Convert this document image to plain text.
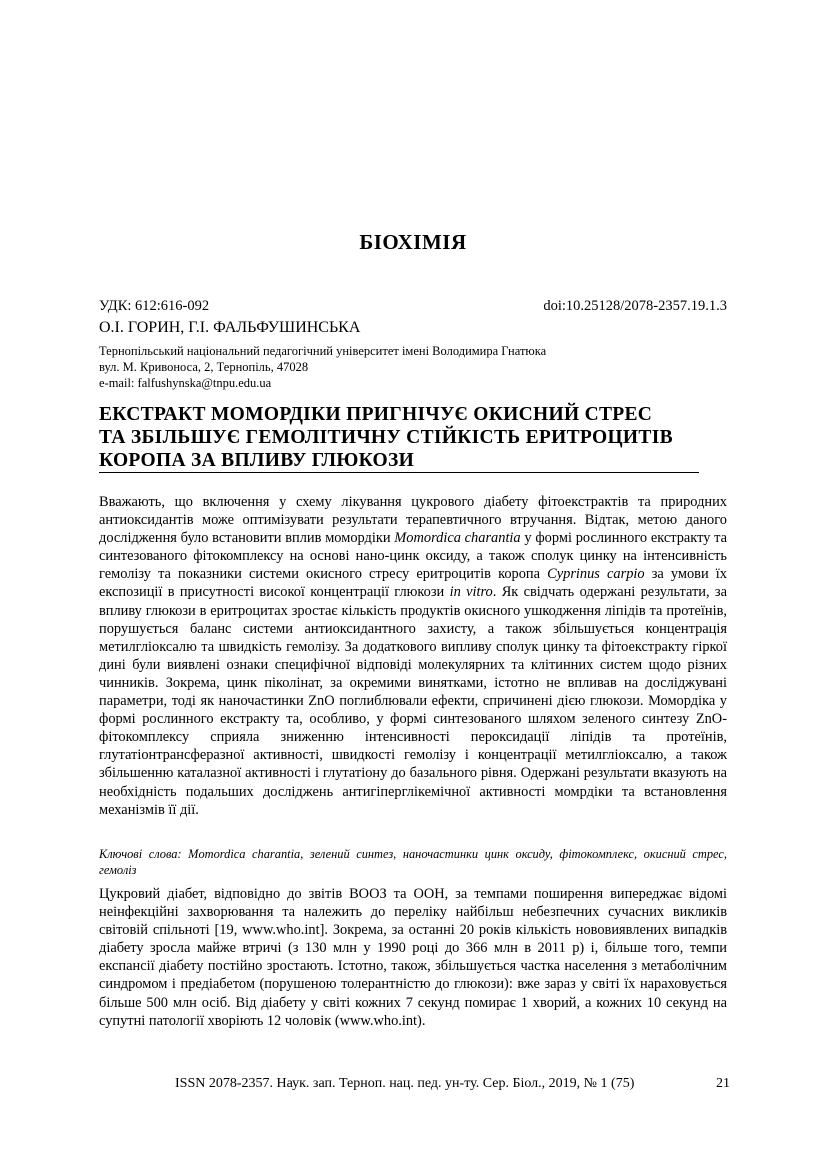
БІОХІМІЯ
УДК: 612:616-092	doi:10.25128/2078-2357.19.1.3
О.І. ГОРИН, Г.І. ФАЛЬФУШИНСЬКА
Тернопільський національний педагогічний університет імені Володимира Гнатюка
вул. М. Кривоноса, 2, Тернопіль, 47028
e-mail: falfushynska@tnpu.edu.ua
ЕКСТРАКТ МОМОРДІКИ ПРИГНІЧУЄ ОКИСНИЙ СТРЕС
ТА ЗБІЛЬШУЄ ГЕМОЛІТИЧНУ СТІЙКІСТЬ ЕРИТРОЦИТІВ
КОРОПА ЗА ВПЛИВУ ГЛЮКОЗИ

Вважають, що включення у схему лікування цукрового діабету фітоекстрактів та природних антиоксидантів може оптимізувати результати терапевтичного втручання. Відтак, метою даного дослідження було встановити вплив момордіки Momordica charantia у формі рослинного екстракту та синтезованого фітокомплексу на основі нано-цинк оксиду, а також сполук цинку на інтенсивність гемолізу та показники системи окисного стресу еритроцитів коропа Cyprinus carpio за умови їх експозиції в присутності високої концентрації глюкози in vitro. Як свідчать одержані результати, за впливу глюкози в еритроцитах зростає кількість продуктів окисного ушкодження ліпідів та протеїнів, порушується баланс системи антиоксидантного захисту, а також збільшується концентрація метилгліоксалю та швидкість гемолізу. За додаткового випливу сполук цинку та фітоекстракту гіркої дині були виявлені ознаки специфічної відповіді молекулярних та клітинних систем щодо різних чинників. Зокрема, цинк піколінат, за окремими винятками, істотно не впливав на досліджувані параметри, тоді як наночастинки ZnO поглиблювали ефекти, спричинені дією глюкози. Момордіка у формі рослинного екстракту та, особливо, у формі синтезованого шляхом зеленого синтезу ZnO-фітокомплексу сприяла зниженню інтенсивності пероксидації ліпідів та протеїнів, глутатіонтрансферазної активності, швидкості гемолізу і концентрації метилгліоксалю, а також збільшенню каталазної активності і глутатіону до базального рівня. Одержані результати вказують на необхідність подальших досліджень антигіперглікемічної активності момрдіки та встановлення механізмів її дії.

Ключові слова: Momordica charantia, зелений синтез, наночастинки цинк оксиду, фітокомплекс, окисний стрес, гемоліз

Цукровий діабет, відповідно до звітів ВООЗ та ООН, за темпами поширення випереджає відомі неінфекційні захворювання та належить до переліку найбільш небезпечних сучасних викликів світовій спільноті [19, www.who.int]. Зокрема, за останні 20 років кількість нововиявлених випадків діабету зросла майже втричі (з 130 млн у 1990 році до 366 млн в 2011 р) і, більше того, темпи експансії діабету постійно зростають. Істотно, також, збільшується частка населення з метаболічним синдромом і предіабетом (порушеною толерантністю до глюкози): вже зараз у світі їх нараховується більше 500 млн осіб. Від діабету у світі кожних 7 секунд помирає 1 хворий, а кожних 10 секунд на супутні патології хворіють 12 чоловік (www.who.int).

ISSN 2078-2357. Наук. зап. Терноп. нац. пед. ун-ту. Сер. Біол., 2019, № 1 (75)	21
